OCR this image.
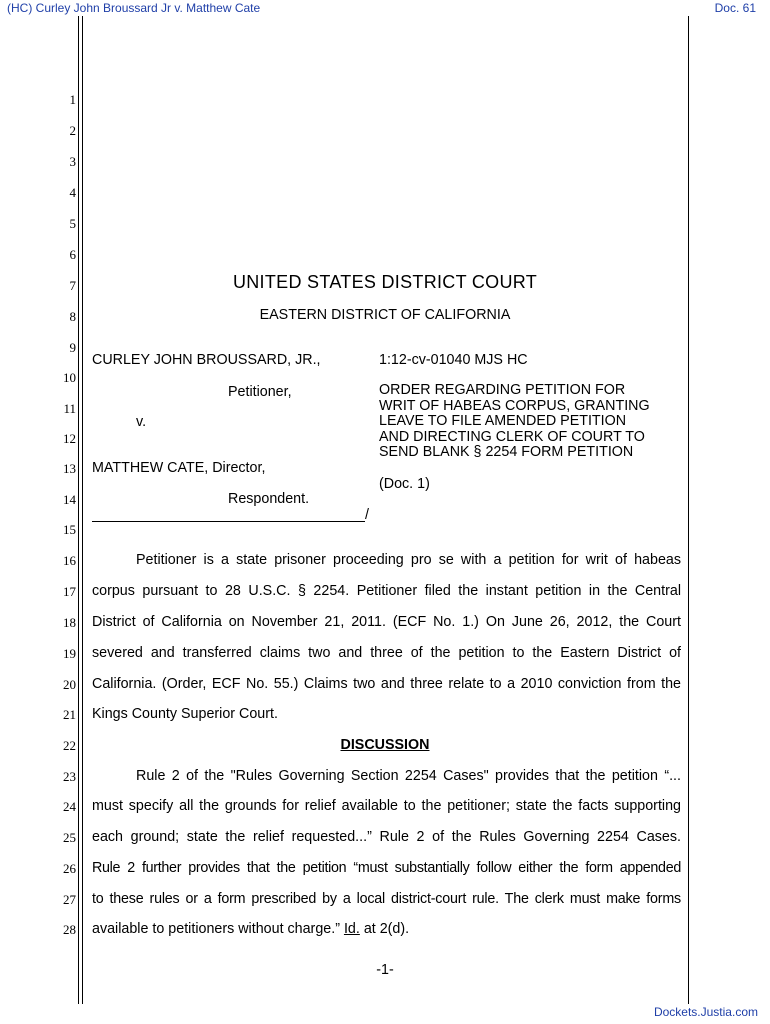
(HC) Curley John Broussard Jr v. Matthew Cate	Doc. 61
1
2
3
4
5
6
7
8
9
10
11
12
13
14
15
16
17
18
19
20
21
22
23
24
25
26
27
28
UNITED STATES DISTRICT COURT
EASTERN DISTRICT OF CALIFORNIA
CURLEY JOHN BROUSSARD, JR.,
Petitioner,
v.
MATTHEW CATE, Director,
Respondent.
/
1:12-cv-01040 MJS HC
ORDER REGARDING PETITION FOR
WRIT OF HABEAS CORPUS, GRANTING
LEAVE TO FILE AMENDED PETITION
AND DIRECTING CLERK OF COURT TO
SEND BLANK § 2254 FORM PETITION
(Doc. 1)
Petitioner is a state prisoner proceeding pro se with a petition for writ of habeas
corpus pursuant to 28 U.S.C. § 2254. Petitioner filed the instant petition in the Central
District of California on November 21, 2011. (ECF No. 1.) On June 26, 2012, the Court
severed and transferred claims two and three of the petition to the Eastern District of
California. (Order, ECF No. 55.) Claims two and three relate to a 2010 conviction from the
Kings County Superior Court.
DISCUSSION
Rule 2 of the "Rules Governing Section 2254 Cases" provides that the petition “...
must specify all the grounds for relief available to the petitioner; state the facts supporting
each ground; state the relief requested...” Rule 2 of the Rules Governing 2254 Cases.
Rule 2 further provides that the petition “must substantially follow either the form appended
to these rules or a form prescribed by a local district-court rule. The clerk must make forms
available to petitioners without charge.” Id. at 2(d).
-1-
Dockets.Justia.com
